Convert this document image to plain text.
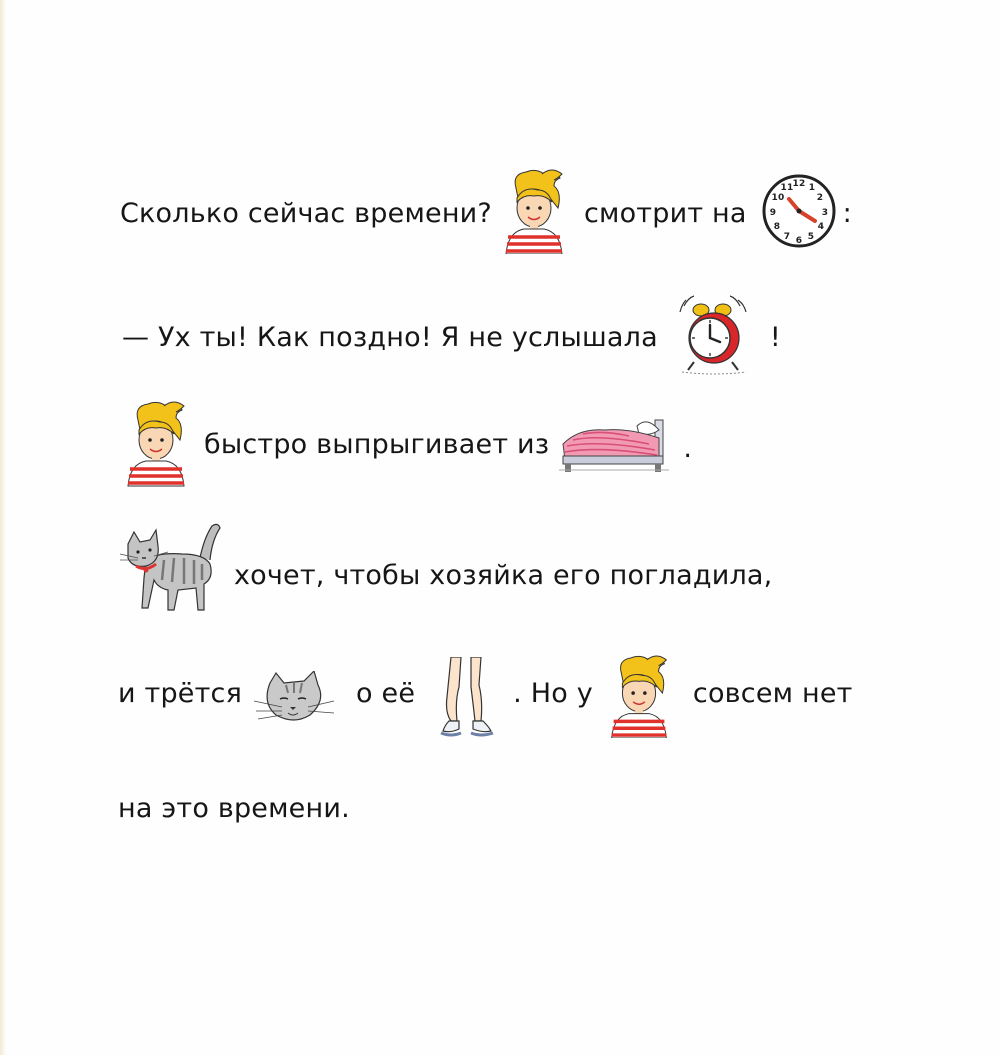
Сколько сейчас времени?	смотрит на
12 1
2
3
4
5
6
7
8
9
10
11
:
— Ух ты! Как поздно! Я не услышала	!
быстро выпрыгивает из	.
хочет, чтобы хозяйка его погладила,
и трётся	о её	. Но у	совсем нет
на это времени.
